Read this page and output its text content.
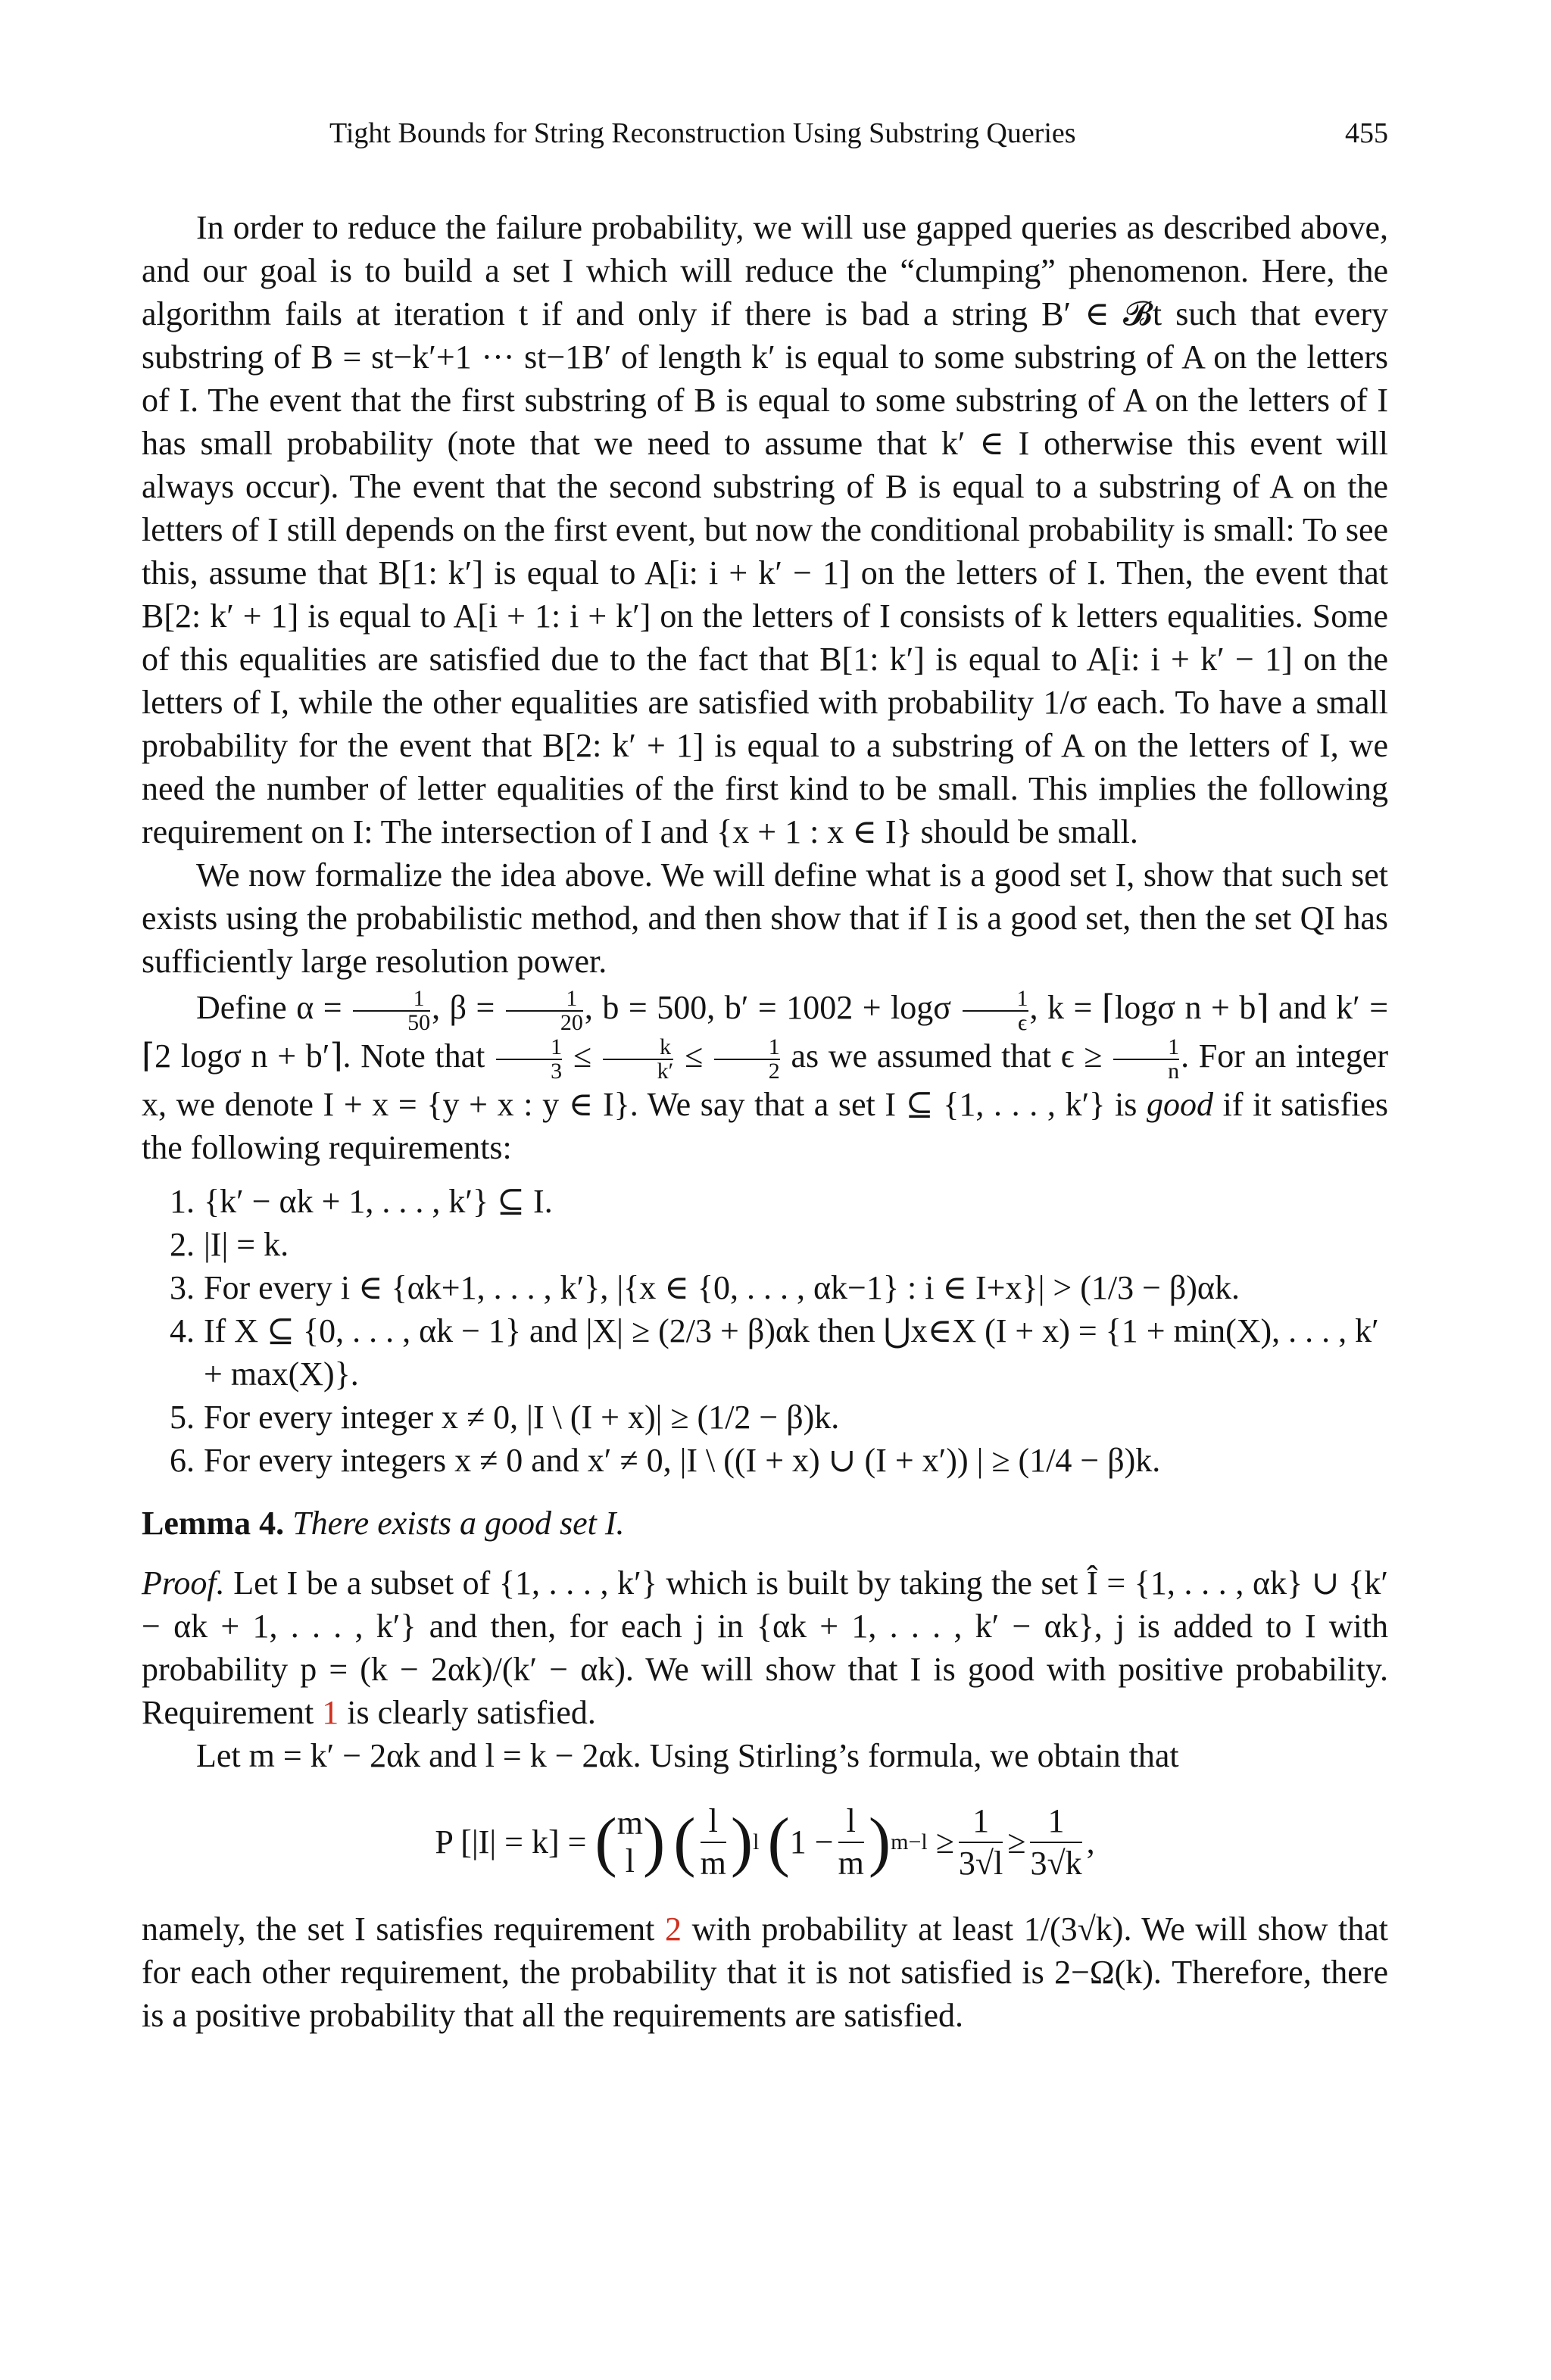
Tight Bounds for String Reconstruction Using Substring Queries	455

In order to reduce the failure probability, we will use gapped queries as described above, and our goal is to build a set I which will reduce the “clumping” phenomenon. Here, the algorithm fails at iteration t if and only if there is bad a string B′ ∈ 𝓑t such that every substring of B = st−k′+1 ··· st−1B′ of length k′ is equal to some substring of A on the letters of I. The event that the first substring of B is equal to some substring of A on the letters of I has small probability (note that we need to assume that k′ ∈ I otherwise this event will always occur). The event that the second substring of B is equal to a substring of A on the letters of I still depends on the first event, but now the conditional probability is small: To see this, assume that B[1: k′] is equal to A[i: i + k′ − 1] on the letters of I. Then, the event that B[2: k′ + 1] is equal to A[i + 1: i + k′] on the letters of I consists of k letters equalities. Some of this equalities are satisfied due to the fact that B[1: k′] is equal to A[i: i + k′ − 1] on the letters of I, while the other equalities are satisfied with probability 1/σ each. To have a small probability for the event that B[2: k′ + 1] is equal to a substring of A on the letters of I, we need the number of letter equalities of the first kind to be small. This implies the following requirement on I: The intersection of I and {x + 1 : x ∈ I} should be small.

We now formalize the idea above. We will define what is a good set I, show that such set exists using the probabilistic method, and then show that if I is a good set, then the set QI has sufficiently large resolution power.

Define $\alpha = \frac{1}{50}$ , $\beta = \frac{1}{20}$ , b = 500, b′ = 1002 + logσ $\frac{1}{\epsilon}$ , k = ⌈logσ n + b⌉ and k′ = ⌈2 logσ n + b′⌉. Note that $\frac{1}{3} \le \frac{k}{k'} \le \frac{1}{2}$ as we assumed that $\epsilon \ge \frac{1}{n}$ . For an integer x, we denote I + x = {y + x : y ∈ I}. We say that a set I ⊆ {1, . . . , k′} is good if it satisfies the following requirements:

1. {k′ − αk + 1, . . . , k′} ⊆ I.
2. |I| = k.
3. For every i ∈ {αk+1, . . . , k′}, |{x ∈ {0, . . . , αk−1} : i ∈ I+x}| > (1/3 − β)αk.
4. If X ⊆ {0, . . . , αk − 1} and |X| ≥ (2/3 + β)αk then ⋃x∈X (I + x) = {1 + min(X), . . . , k′ + max(X)}.
5. For every integer x ≠ 0, |I \ (I + x)| ≥ (1/2 − β)k.
6. For every integers x ≠ 0 and x′ ≠ 0, |I \ ((I + x) ∪ (I + x′)) | ≥ (1/4 − β)k.

Lemma 4. There exists a good set I.

Proof. Let I be a subset of {1, . . . , k′} which is built by taking the set Î = {1, . . . , αk} ∪ {k′ − αk + 1, . . . , k′} and then, for each j in {αk + 1, . . . , k′ − αk}, j is added to I with probability p = (k − 2αk)/(k′ − αk). We will show that I is good with positive probability. Requirement 1 is clearly satisfied.

Let m = k′ − 2αk and l = k − 2αk. Using Stirling’s formula, we obtain that

P [|I| = k] =
( m
l )
( $\frac{l}{m}$ ) l
( $1 - \frac{l}{m}$ ) m−l
≥ $\frac{1}{3√l} \ge \frac{1}{3√k}$ ,

namely, the set I satisfies requirement 2 with probability at least 1/(3√k). We will show that for each other requirement, the probability that it is not satisfied is 2−Ω(k). Therefore, there is a positive probability that all the requirements are satisfied.
